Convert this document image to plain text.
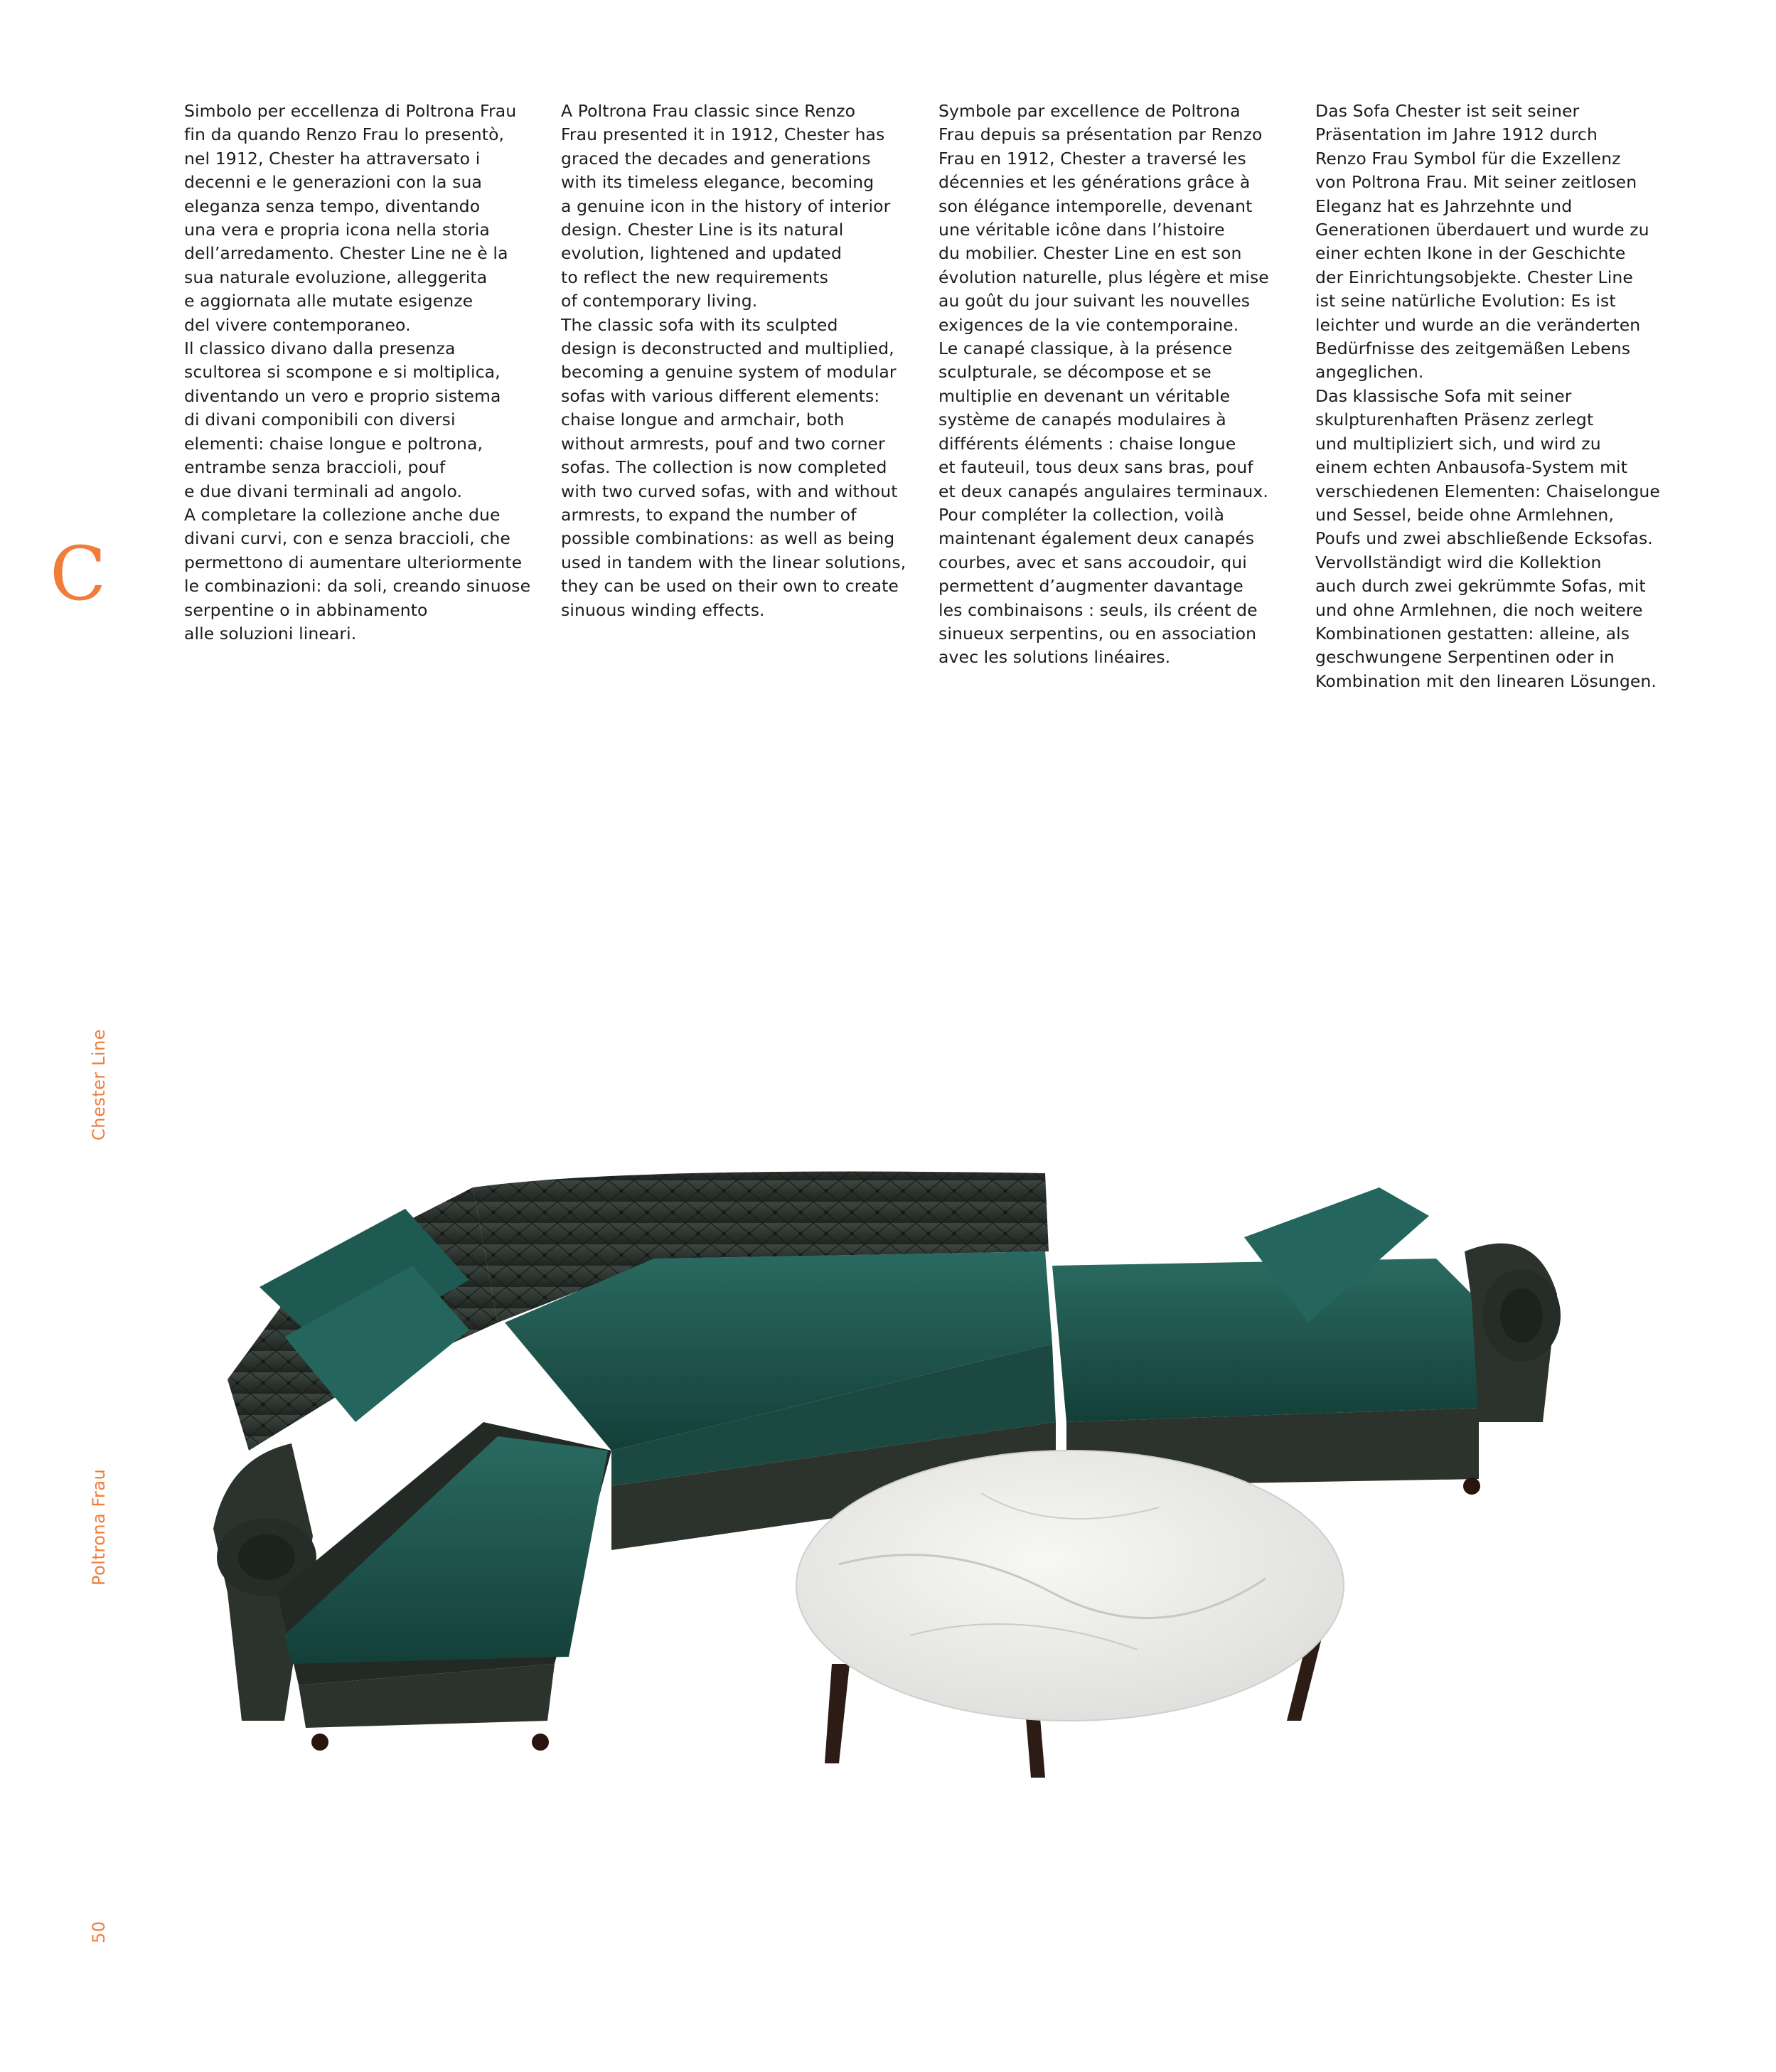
Simbolo per eccellenza di Poltrona Frau
fin da quando Renzo Frau lo presentò,
nel 1912, Chester ha attraversato i
decenni e le generazioni con la sua
eleganza senza tempo, diventando
una vera e propria icona nella storia
dell’arredamento. Chester Line ne è la
sua naturale evoluzione, alleggerita
e aggiornata alle mutate esigenze
del vivere contemporaneo.
Il classico divano dalla presenza
scultorea si scompone e si moltiplica,
diventando un vero e proprio sistema
di divani componibili con diversi
elementi: chaise longue e poltrona,
entrambe senza braccioli, pouf
e due divani terminali ad angolo.
A completare la collezione anche due
divani curvi, con e senza braccioli, che
permettono di aumentare ulteriormente
le combinazioni: da soli, creando sinuose
serpentine o in abbinamento
alle soluzioni lineari.

A Poltrona Frau classic since Renzo
Frau presented it in 1912, Chester has
graced the decades and generations
with its timeless elegance, becoming
a genuine icon in the history of interior
design. Chester Line is its natural
evolution, lightened and updated
to reflect the new requirements
of contemporary living.
The classic sofa with its sculpted
design is deconstructed and multiplied,
becoming a genuine system of modular
sofas with various different elements:
chaise longue and armchair, both
without armrests, pouf and two corner
sofas. The collection is now completed
with two curved sofas, with and without
armrests, to expand the number of
possible combinations: as well as being
used in tandem with the linear solutions,
they can be used on their own to create
sinuous winding effects.

Symbole par excellence de Poltrona
Frau depuis sa présentation par Renzo
Frau en 1912, Chester a traversé les
décennies et les générations grâce à
son élégance intemporelle, devenant
une véritable icône dans l’histoire
du mobilier. Chester Line en est son
évolution naturelle, plus légère et mise
au goût du jour suivant les nouvelles
exigences de la vie contemporaine.
Le canapé classique, à la présence
sculpturale, se décompose et se
multiplie en devenant un véritable
système de canapés modulaires à
différents éléments : chaise longue
et fauteuil, tous deux sans bras, pouf
et deux canapés angulaires terminaux.
Pour compléter la collection, voilà
maintenant également deux canapés
courbes, avec et sans accoudoir, qui
permettent d’augmenter davantage
les combinaisons : seuls, ils créent de
sinueux serpentins, ou en association
avec les solutions linéaires.

Das Sofa Chester ist seit seiner
Präsentation im Jahre 1912 durch
Renzo Frau Symbol für die Exzellenz
von Poltrona Frau. Mit seiner zeitlosen
Eleganz hat es Jahrzehnte und
Generationen überdauert und wurde zu
einer echten Ikone in der Geschichte
der Einrichtungsobjekte. Chester Line
ist seine natürliche Evolution: Es ist
leichter und wurde an die veränderten
Bedürfnisse des zeitgemäßen Lebens
angeglichen.
Das klassische Sofa mit seiner
skulpturenhaften Präsenz zerlegt
und multipliziert sich, und wird zu
einem echten Anbausofa-System mit
verschiedenen Elementen: Chaiselongue
und Sessel, beide ohne Armlehnen,
Poufs und zwei abschließende Ecksofas.
Vervollständigt wird die Kollektion
auch durch zwei gekrümmte Sofas, mit
und ohne Armlehnen, die noch weitere
Kombinationen gestatten: alleine, als
geschwungene Serpentinen oder in
Kombination mit den linearen Lösungen.

C
Chester Line
Poltrona Frau
50
